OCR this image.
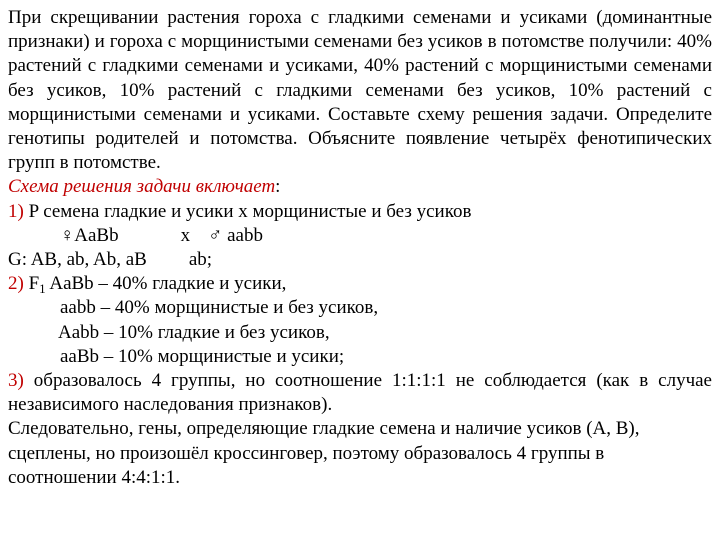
При скрещивании растения гороха с гладкими семенами и усиками (доминантные признаки) и гороха с морщинистыми семенами без усиков в потомстве получили: 40% растений с гладкими семенами и усиками, 40% растений с морщинистыми семенами без усиков, 10% растений с гладкими семенами без усиков, 10% растений с морщинистыми семенами и усиками. Составьте схему решения задачи. Определите генотипы родителей и потомства. Объясните появление четырёх фенотипических групп в потомстве.

Схема решения задачи включает:
1) P семена гладкие и усики х морщинистые и без усиков
♀AaBb	х ♂ aabb
G: AB, ab, Ab, aB ab;
2) $F_1$ AaBb – 40% гладкие и усики,
aabb – 40% морщинистые и без усиков,
Aabb – 10% гладкие и без усиков,
aaBb – 10% морщинистые и усики;

3) образовалось 4 группы, но соотношение 1:1:1:1 не соблюдается (как в случае независимого наследования признаков).

Следовательно, гены, определяющие гладкие семена и наличие усиков (А, В), сцеплены, но произошёл кроссинговер, поэтому образовалось 4 группы в соотношении 4:4:1:1.
